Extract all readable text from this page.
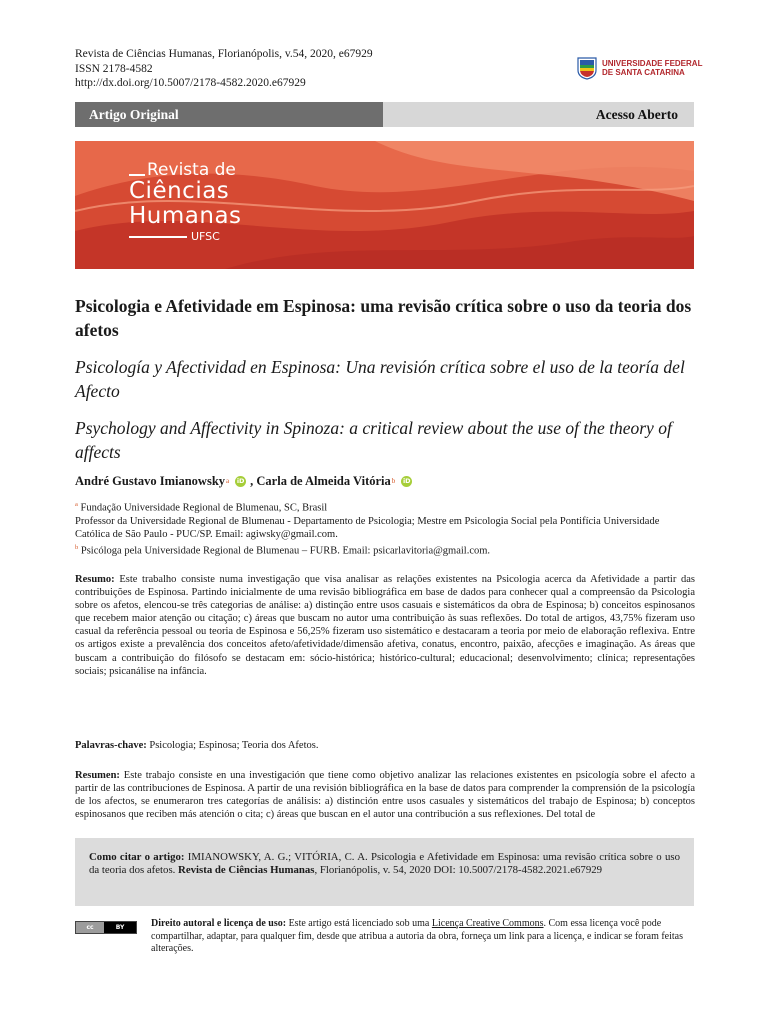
Revista de Ciências Humanas, Florianópolis, v.54, 2020, e67929
ISSN 2178-4582
http://dx.doi.org/10.5007/2178-4582.2020.e67929
UNIVERSIDADE FEDERAL
DE SANTA CATARINA
Artigo Original	Acesso Aberto
Revista de
Ciências
Humanas
UFSC
Psicologia e Afetividade em Espinosa: uma revisão crítica sobre o uso da teoria dos afetos
Psicología y Afectividad en Espinosa: Una revisión crítica sobre el uso de la teoría del Afecto
Psychology and Affectivity in Spinoza: a critical review about the use of the theory of affects
André Gustavo Imianowsky$^a$ iD , Carla de Almeida Vitória$^b$ iD
$^a$ Fundação Universidade Regional de Blumenau, SC, Brasil
Professor da Universidade Regional de Blumenau - Departamento de Psicologia; Mestre em Psicologia Social pela Pontifícia Universidade Católica de São Paulo - PUC/SP. Email: agiwsky@gmail.com.
$^b$ Psicóloga pela Universidade Regional de Blumenau – FURB. Email: psicarlavitoria@gmail.com.
Resumo: Este trabalho consiste numa investigação que visa analisar as relações existentes na Psicologia acerca da Afetividade a partir das contribuições de Espinosa. Partindo inicialmente de uma revisão bibliográfica em base de dados para conhecer qual a compreensão da Psicologia sobre os afetos, elencou-se três categorias de análise: a) distinção entre usos casuais e sistemáticos da obra de Espinosa; b) conceitos espinosanos que recebem maior atenção ou citação; c) áreas que buscam no autor uma contribuição às suas reflexões. Do total de artigos, 43,75% fizeram uso casual da referência pessoal ou teoria de Espinosa e 56,25% fizeram uso sistemático e destacaram a teoria por meio de elaboração reflexiva. Entre os artigos existe a prevalência dos conceitos afeto/afetividade/dimensão afetiva, conatus, encontro, paixão, afecções e imaginação. As áreas que buscam a contribuição do filósofo se destacam em: sócio-histórica; histórico-cultural; educacional; desenvolvimento; clínica; representações sociais; psicanálise na infância.
Palavras-chave: Psicologia; Espinosa; Teoria dos Afetos.
Resumen: Este trabajo consiste en una investigación que tiene como objetivo analizar las relaciones existentes en psicología sobre el afecto a partir de las contribuciones de Espinosa. A partir de una revisión bibliográfica en la base de datos para comprender la comprensión de la psicología de los afectos, se enumeraron tres categorías de análisis: a) distinción entre usos casuales y sistemáticos del trabajo de Espinosa; b) conceptos espinosanos que reciben más atención o cita; c) áreas que buscan en el autor una contribución a sus reflexiones. Del total de
Como citar o artigo: IMIANOWSKY, A. G.; VITÓRIA, C. A. Psicologia e Afetividade em Espinosa: uma revisão crítica sobre o uso da teoria dos afetos. Revista de Ciências Humanas, Florianópolis, v. 54, 2020 DOI: 10.5007/2178-4582.2021.e67929
cc	BY	Direito autoral e licença de uso: Este artigo está licenciado sob uma Licença Creative Commons. Com essa licença você pode compartilhar, adaptar, para qualquer fim, desde que atribua a autoria da obra, forneça um link para a licença, e indicar se foram feitas alterações.
